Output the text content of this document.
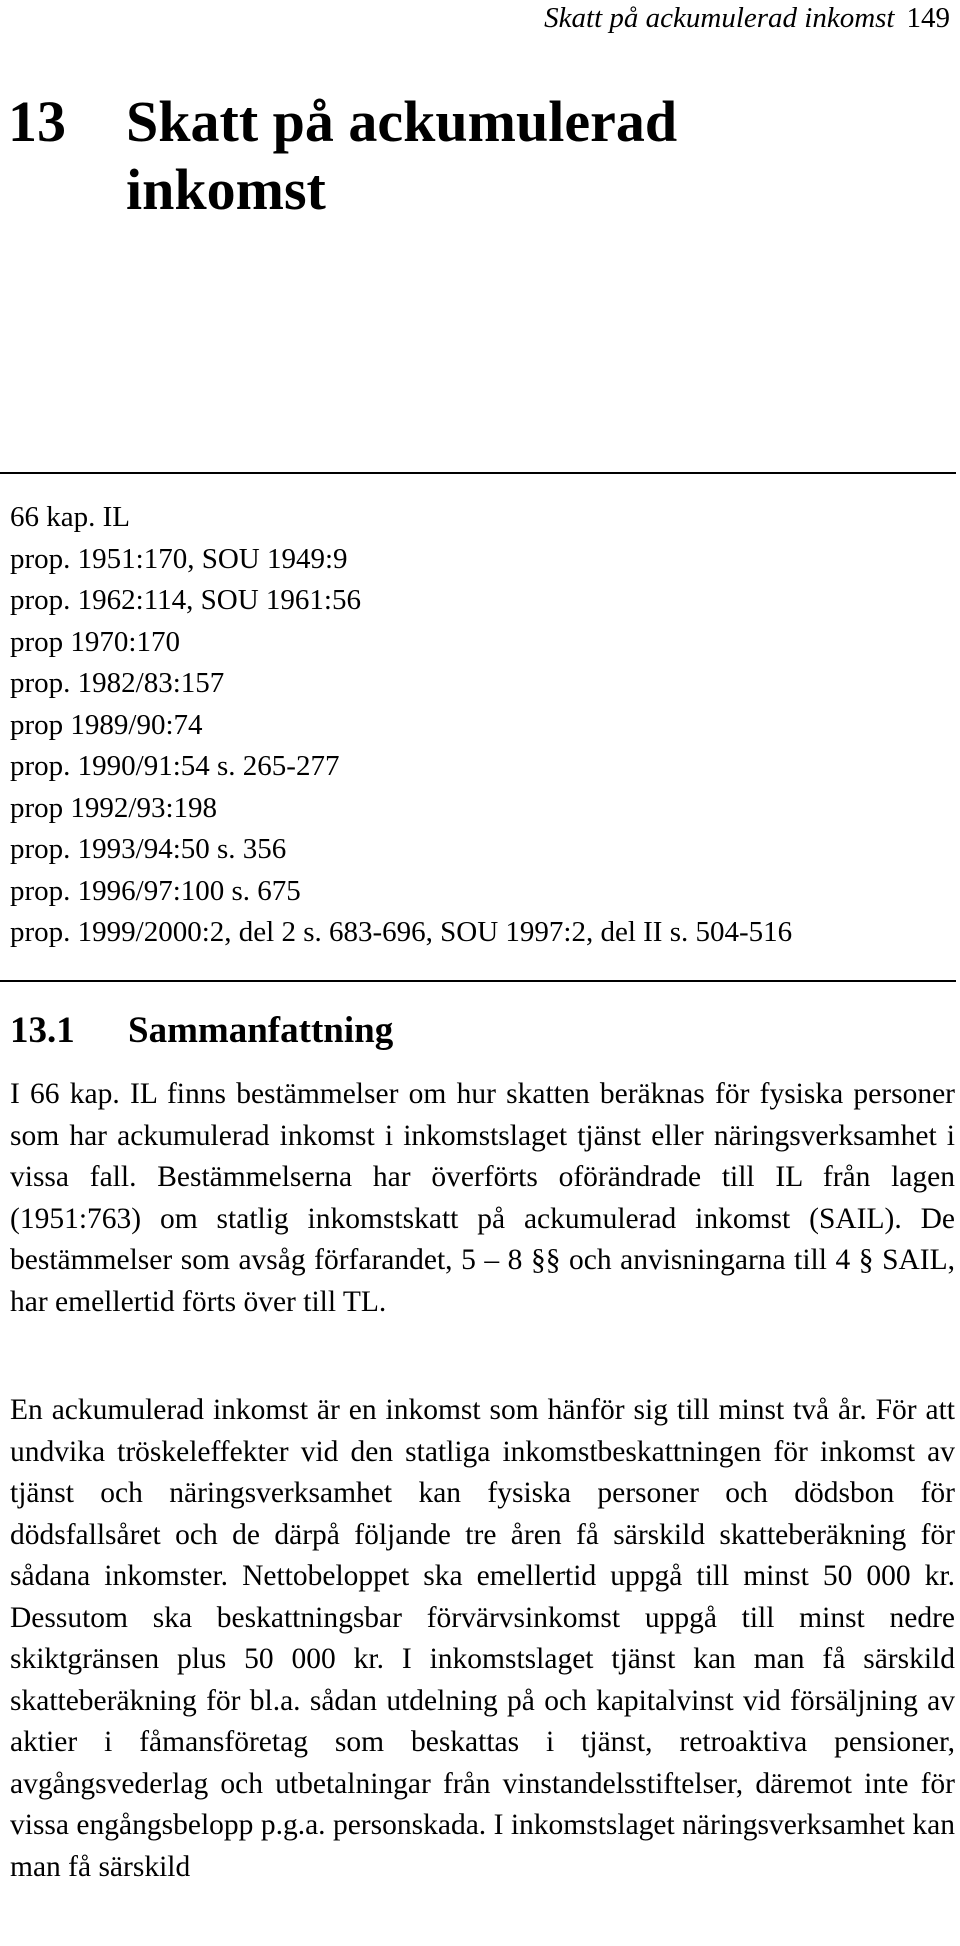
Skatt på ackumulerad inkomst 149
13 Skatt på ackumulerad
inkomst
66 kap. IL
prop. 1951:170, SOU 1949:9
prop. 1962:114, SOU 1961:56
prop 1970:170
prop. 1982/83:157
prop 1989/90:74
prop. 1990/91:54 s. 265-277
prop 1992/93:198
prop. 1993/94:50 s. 356
prop. 1996/97:100 s. 675
prop. 1999/2000:2, del 2 s. 683-696, SOU 1997:2, del II s. 504-516
13.1 Sammanfattning

I 66 kap. IL finns bestämmelser om hur skatten beräknas för fysiska personer som har ackumulerad inkomst i inkomstslaget tjänst eller näringsverksamhet i vissa fall. Bestämmelserna har överförts oförändrade till IL från lagen (1951:763) om statlig inkomstskatt på ackumulerad inkomst (SAIL). De bestämmelser som avsåg förfarandet, 5 – 8 §§ och anvisningarna till 4 § SAIL, har emellertid förts över till TL.

En ackumulerad inkomst är en inkomst som hänför sig till minst två år. För att undvika tröskeleffekter vid den statliga inkomstbeskattningen för inkomst av tjänst och näringsverksamhet kan fysiska personer och dödsbon för dödsfallsåret och de därpå följande tre åren få särskild skatteberäkning för sådana inkomster. Nettobeloppet ska emellertid uppgå till minst 50 000 kr. Dessutom ska beskattningsbar förvärvsinkomst uppgå till minst nedre skiktgränsen plus 50 000 kr. I inkomstslaget tjänst kan man få särskild skatteberäkning för bl.a. sådan utdelning på och kapitalvinst vid försäljning av aktier i fåmansföretag som beskattas i tjänst, retroaktiva pensioner, avgångsvederlag och utbetalningar från vinstandelsstiftelser, däremot inte för vissa engångsbelopp p.g.a. personskada. I inkomstslaget näringsverksamhet kan man få särskild
